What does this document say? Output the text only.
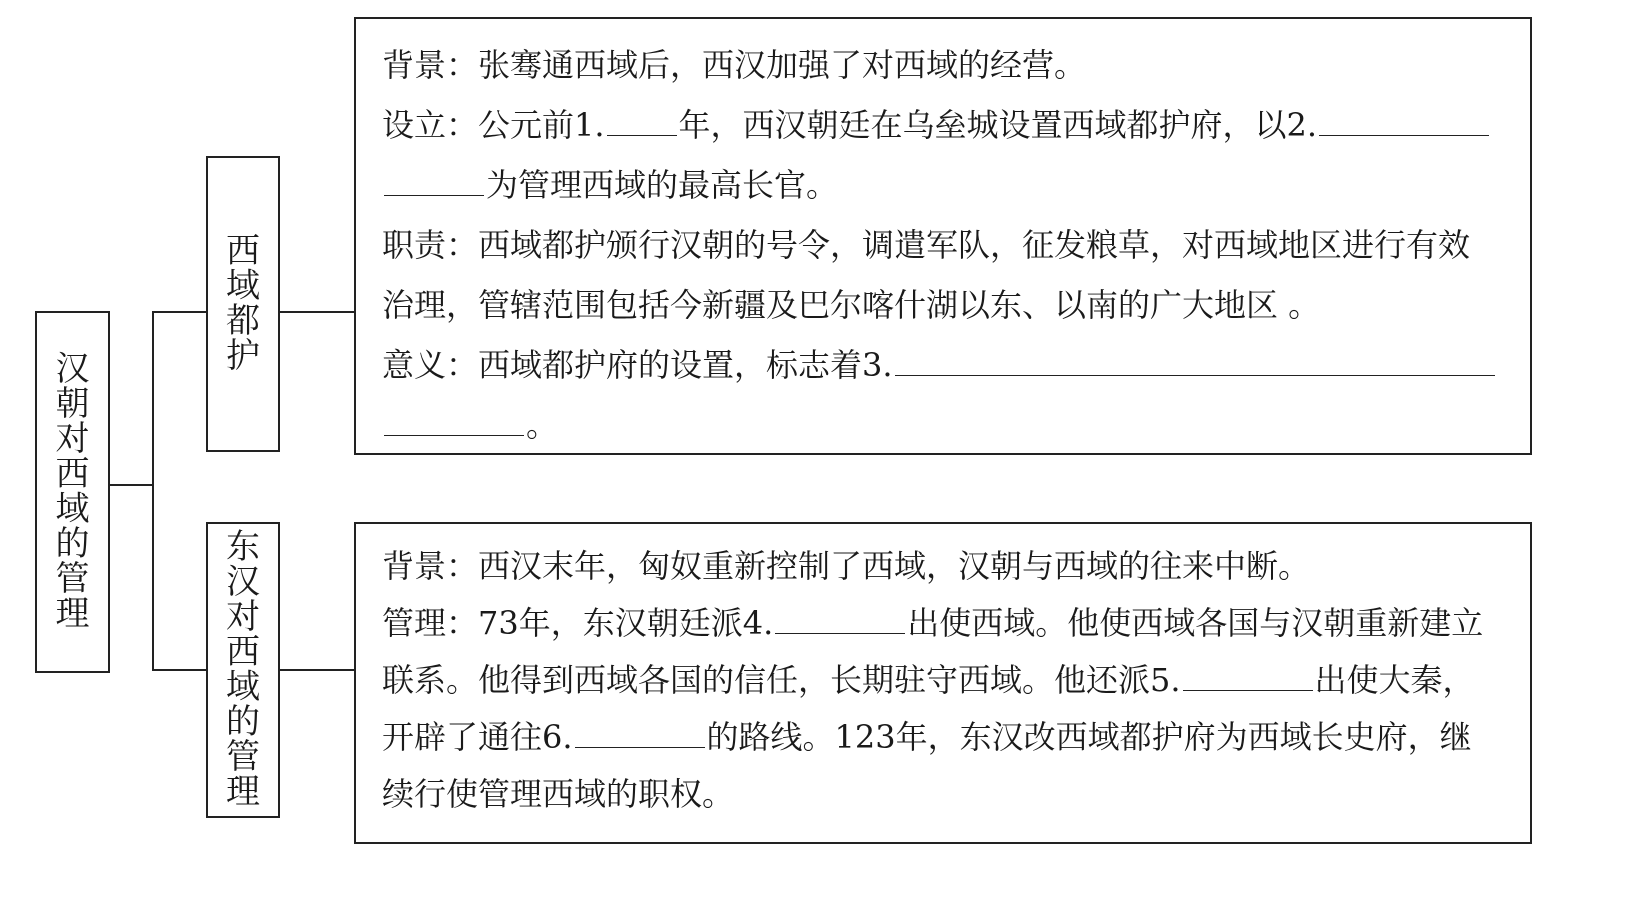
汉
朝
对
西
域
的
管
理
西
域
都
护
东
汉
对
西
域
的
管
理
背景：张骞通西域后，西汉加强了对西域的经营。
设立：公元前1. 年，西汉朝廷在乌垒城设置西域都护府，以2.
为管理西域的最高长官。
职责：西域都护颁行汉朝的号令，调遣军队，征发粮草，对西域地区进行有效
治理，管辖范围包括今新疆及巴尔喀什湖以东、以南的广大地区 。
意义：西域都护府的设置，标志着3.
。
背景：西汉末年，匈奴重新控制了西域，汉朝与西域的往来中断。
管理：73年，东汉朝廷派4.	出使西域。他使西域各国与汉朝重新建立
联系。他得到西域各国的信任，长期驻守西域。他还派5.	出使大秦，
开辟了通往6.	的路线。123年，东汉改西域都护府为西域长史府，继
续行使管理西域的职权。
